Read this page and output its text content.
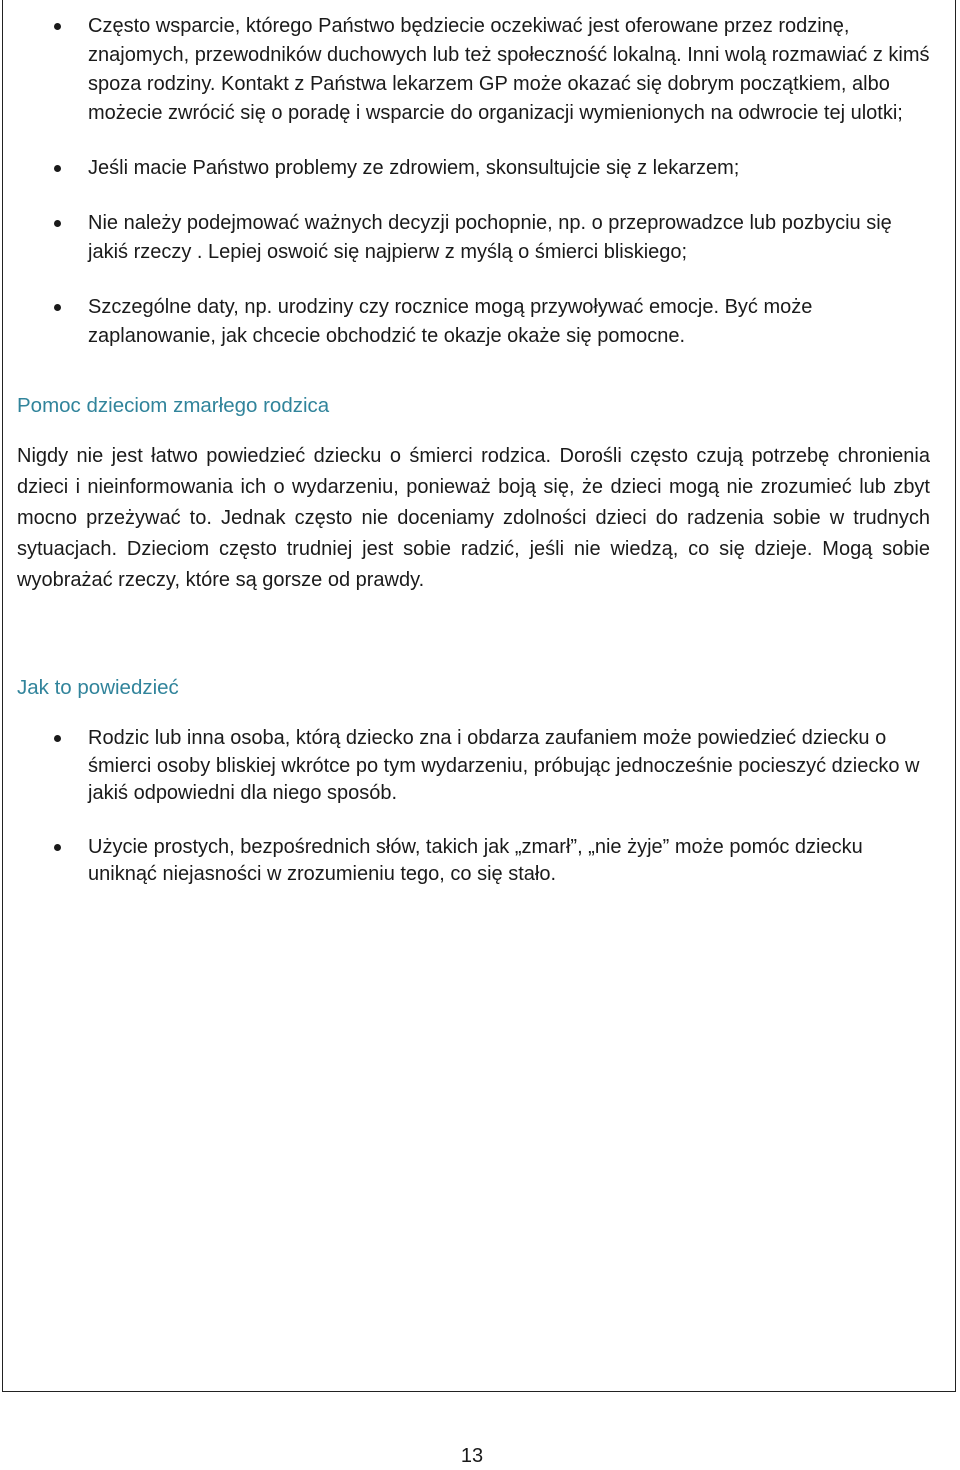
Często wsparcie, którego Państwo będziecie oczekiwać jest oferowane przez rodzinę, znajomych, przewodników duchowych lub też społeczność lokalną. Inni wolą rozmawiać z kimś spoza rodziny. Kontakt z Państwa lekarzem GP może okazać się dobrym początkiem, albo możecie zwrócić się o poradę i wsparcie do organizacji wymienionych na odwrocie tej ulotki;
Jeśli macie Państwo problemy ze zdrowiem, skonsultujcie się z lekarzem;
Nie należy podejmować ważnych decyzji pochopnie, np. o przeprowadzce lub pozbyciu się jakiś rzeczy . Lepiej oswoić się najpierw z myślą o śmierci bliskiego;
Szczególne daty, np. urodziny czy rocznice mogą przywoływać emocje. Być może zaplanowanie, jak chcecie obchodzić te okazje okaże się pomocne.
Pomoc dzieciom zmarłego rodzica

Nigdy nie jest łatwo powiedzieć dziecku o śmierci rodzica. Dorośli często czują potrzebę chronienia dzieci i nieinformowania ich o wydarzeniu, ponieważ boją się, że dzieci mogą nie zrozumieć lub zbyt mocno przeżywać to. Jednak często nie doceniamy zdolności dzieci do radzenia sobie w trudnych sytuacjach. Dzieciom często trudniej jest sobie radzić, jeśli nie wiedzą, co się dzieje. Mogą sobie wyobrażać rzeczy, które są gorsze od prawdy.

Jak to powiedzieć
Rodzic lub inna osoba, którą dziecko zna i obdarza zaufaniem może powiedzieć dziecku o śmierci osoby bliskiej wkrótce po tym wydarzeniu, próbując jednocześnie pocieszyć dziecko w jakiś odpowiedni dla niego sposób.
Użycie prostych, bezpośrednich słów, takich jak „zmarł”, „nie żyje” może pomóc dziecku uniknąć niejasności w zrozumieniu tego, co się stało.
13
